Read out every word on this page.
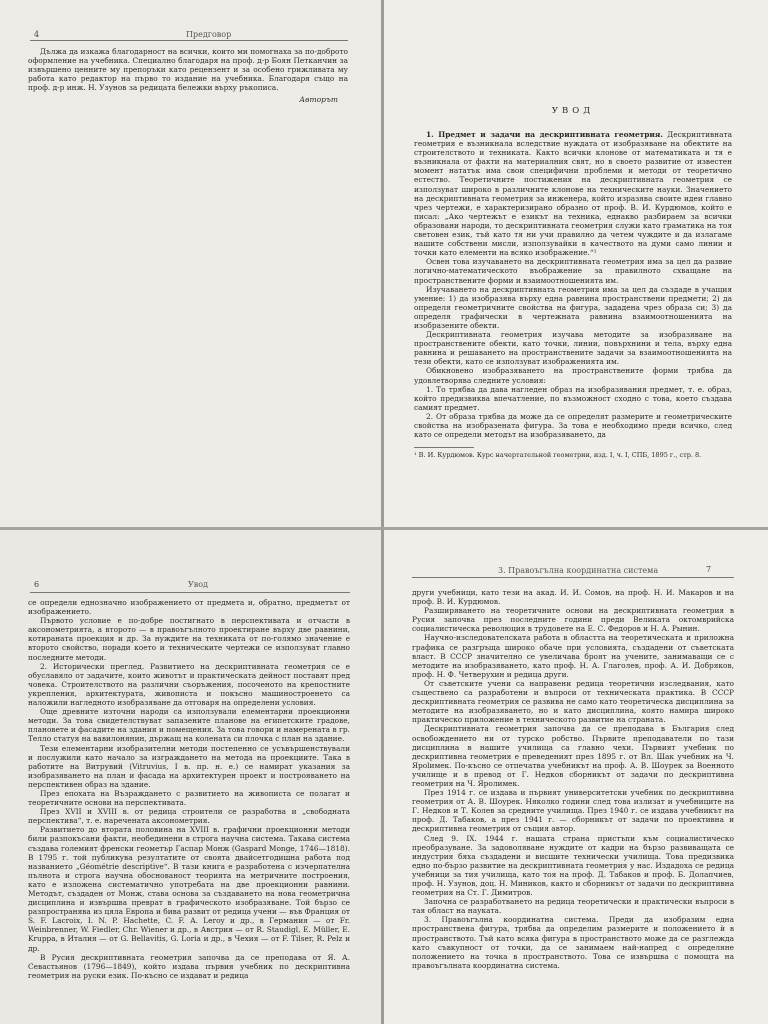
4	Предговор

Дължа да изкажа благодарност на всички, които ми помогнаха за по-доброто оформление на учебника. Специално благодаря на проф. д-р Боян Петканчин за извършено ценните му препоръки като рецензент и за особено грижливата му работа като редактор на първо то издание на учебника. Благодаря също на проф. д-р инж. Н. Узунов за редицата бележки върху ръкописа.

Авторът

УВОД

1. Предмет и задачи на дескриптивната геометрия. Дескриптивната геометрия е възникнала вследствие нуждата от изобразяване на обектите на строителството и техниката. Както всички клонове от математиката и тя е възникнала от факти на материалния свят, но в своето развитие от известен момент нататък има свои специфични проблеми и методи от теоретично естество. Теоретичните постижения на дескриптивната геометрия се използуват широко в различните клонове на техническите науки. Значението на дескриптивната геометрия за инженера, който изразява своите идеи главно чрез чертежи, е характеризирано образно от проф. В. И. Курдюмов, който е писал: „Ако чертежът е езикът на техника, еднакво разбираем за всички образовани народи, то дескриптивната геометрия служи като граматика на тоя световен език, тъй като тя ни учи правилно да четем чуждите и да излагаме нашите собствени мисли, използувайки в качеството на думи само линии и точки като елементи на всяко изображение.“¹

Освен това изучаването на дескриптивната геометрия има за цел да развие логично-математическото въображение за правилното схващане на пространствените форми и взаимоотношенията им.

Изучаването на дескриптивната геометрия има за цел да създаде в учащия умение: 1) да изобразява върху една равнина пространствени предмети; 2) да определя геометричните свойства на фигура, зададена чрез образа си; 3) да определя графически в чертежната равнина взаимоотношенията на изобразените обекти.

Дескриптивната геометрия изучава методите за изобразяване на пространствените обекти, като точки, линии, повърхнини и тела, върху една равнина и решаването на пространствените задачи за взаимоотношенията на тези обекти, като се използуват изображенията им.

Обикновено изобразяването на пространствените форми трябва да удовлетворява следните условия:

1. То трябва да дава нагледен образ на изобразявания предмет, т. е. образ, който предизвиква впечатление, по възможност сходно с това, което създава самият предмет.

2. От образа трябва да може да се определят размерите и геометрическите свойства на изобразената фигура. За това е необходимо преди всичко, след като се определи методът на изобразяването, да

¹ В. И. Курдюмов. Курс начертательной геометрии, изд. I, ч. I, СПБ, 1895 г., стр. 8.

6	Увод

се определи еднозначно изображението от предмета и, обратно, предметът от изображението.

Първото условие е по-добре постигнато в перспективата и отчасти в аксонометрията, а второто — в правоъгълното проектиране върху две равнини, котираната проекция и др. За нуждите на техниката от по-голямо значение е второто свойство, поради което и техническите чертежи се използуват главно последните методи.

2. Исторически преглед. Развитието на дескриптивната геометрия се е обуславяло от задачите, които животът и практическата дейност поставят пред човека. Строителството на различни съоръжения, посоченото на крепостните укрепления, архитектурата, живописта и покъсно машиностроенето са наложили нагледното изобразяване да отговаря на определени условия.

Още древните източни народи са използували елементарни проекционни методи. За това свидетелствуват запазените планове на египетските градове, плановете и фасадите на здания и помещения. За това говори и намерената в гр. Телло статуя на вавилонянин, държащ на колената си плочка с план на здание.

Тези елементарни изобразителни методи постепенно се усъвършенствували и послужили като начало за изграждането на метода на проекциите. Така в работите на Витрувий (Vitruvius, I в. пр. н. е.) се намират указания за изобразяването на план и фасада на архитектурен проект и построяването на перспективен образ на здание.

През епохата на Възраждането с развитието на живописта се полагат и теоретичните основи на перспективата.

През XVII и XVIII в. от редица строители се разработва и „свободната перспектива“, т. е. наречената аксонометрия.

Развитието до втората половина на XVIII в. графични проекционни методи били разпокъсани факти, необединени в строга научна система. Такава система създава големият френски геометър Гаспар Монж (Gaspard Monge, 1746—1818). В 1795 г. той публикува резултатите от своята двайсетгодишна работа под названието „Géométrie descriptive“. В тази книга е разработена с изчерпателна пълнота и строга научна обоснованост теорията на метричните построения, като е изложена систематично употребата на две проекционни равнини. Методът, създаден от Монж, става основа за създаването на нова геометрична дисциплина и извършва преврат в графическото изобразяване. Той бързо се разпространява из цяла Европа и бива развит от редица учени — във Франция от S. F. Lacroix, I. N. P. Hachette, C. F. A. Leroy и др., в Германия — от Fr. Weinbrenner, W. Fiedler, Chr. Wiener и др., в Австрия — от R. Staudigl, E. Müller, E. Kruppa, в Италия — от G. Bellavitis, G. Loria и др., в Чехия — от F. Tilser, R. Pelz и др.

В Русия дескриптивната геометрия започва да се преподава от Я. А. Севастьянов (1796—1849), който издава първия учебник по дескриптивна геометрия на руски език. По-късно се издават и редица

3. Правоъгълна координатна система	7

други учебници, като тези на акад. И. И. Сомов, на проф. Н. И. Макаров и на проф. В. И. Курдюмов.

Разширяването на теоретичните основи на дескриптивната геометрия в Русия започва през последните години преди Великата октомврийска социалистическа революция в трудовете на Е. С. Федоров и Н. А. Рынин.

Научно-изследователската работа в областта на теоретическата и приложна графика се разгръща широко обаче при условията, създадени от съветската власт. В СССР значително се увеличава броят на учените, занимаващи се с методите на изобразяването, като проф. Н. А. Глаголев, проф. А. И. Добряков, проф. Н. Ф. Четверухин и редица други.

От съветските учени са направени редица теоретични изследвания, като съществено са разработени и въпроси от техническата практика. В СССР дескриптивната геометрия се развива не само като теоретическа дисциплина за методите на изобразяването, но и като дисциплина, която намира широко практическо приложение в техническото развитие на страната.

Дескриптивната геометрия започва да се преподава в България след освобождението ни от турско робство. Първите преподаватели по тази дисциплина в нашите училища са главно чехи. Първият учебник по дескриптивна геометрия е преведеният през 1895 г. от Вл. Шак учебник на Ч. Ярolимек. По-късно се отпечатва учебникът на проф. А. В. Шоурек за Военното училище и в превод от Г. Недков сборникът от задачи по дескриптивна геометрия на Ч. Яролимек.

През 1914 г. се издава и първият университетски учебник по дескриптивна геометрия от А. В. Шоурек. Няколко години след това излизат и учебниците на Г. Недков и Т. Колев за средните училища. През 1940 г. се издава учебникът на проф. Д. Табаков, а през 1941 г. — сборникът от задачи по проективна и дескриптивна геометрия от същия автор.

След 9. IX. 1944 г. нашата страна пристъпи към социалистическо преобразуване. За задоволяване нуждите от кадри на бързо развиващата се индустрия бяха създадени и висшите технически училища. Това предизвика едно по-бързо развитие на дескриптивната геометрия у нас. Издадоха се редица учебници за тия училища, като тоя на проф. Д. Табаков и проф. Б. Долапчиев, проф. Н. Узунов, доц. Н. Миников, както и сборникът от задачи по дескриптивна геометрия на Ст. Г. Димитров.

Започна се разработването на редица теоретически и практически въпроси в тая област на науката.

3. Правоъгълна координатна система. Преди да изобразим една пространствена фигура, трябва да определим размерите и положението ѝ в пространството. Тъй като всяка фигура в пространството може да се разглежда като съвкупност от точки, да се занимаем най-напред с определяне положението на точка в пространството. Това се извършва с помощта на правоъгълната координатна система.
